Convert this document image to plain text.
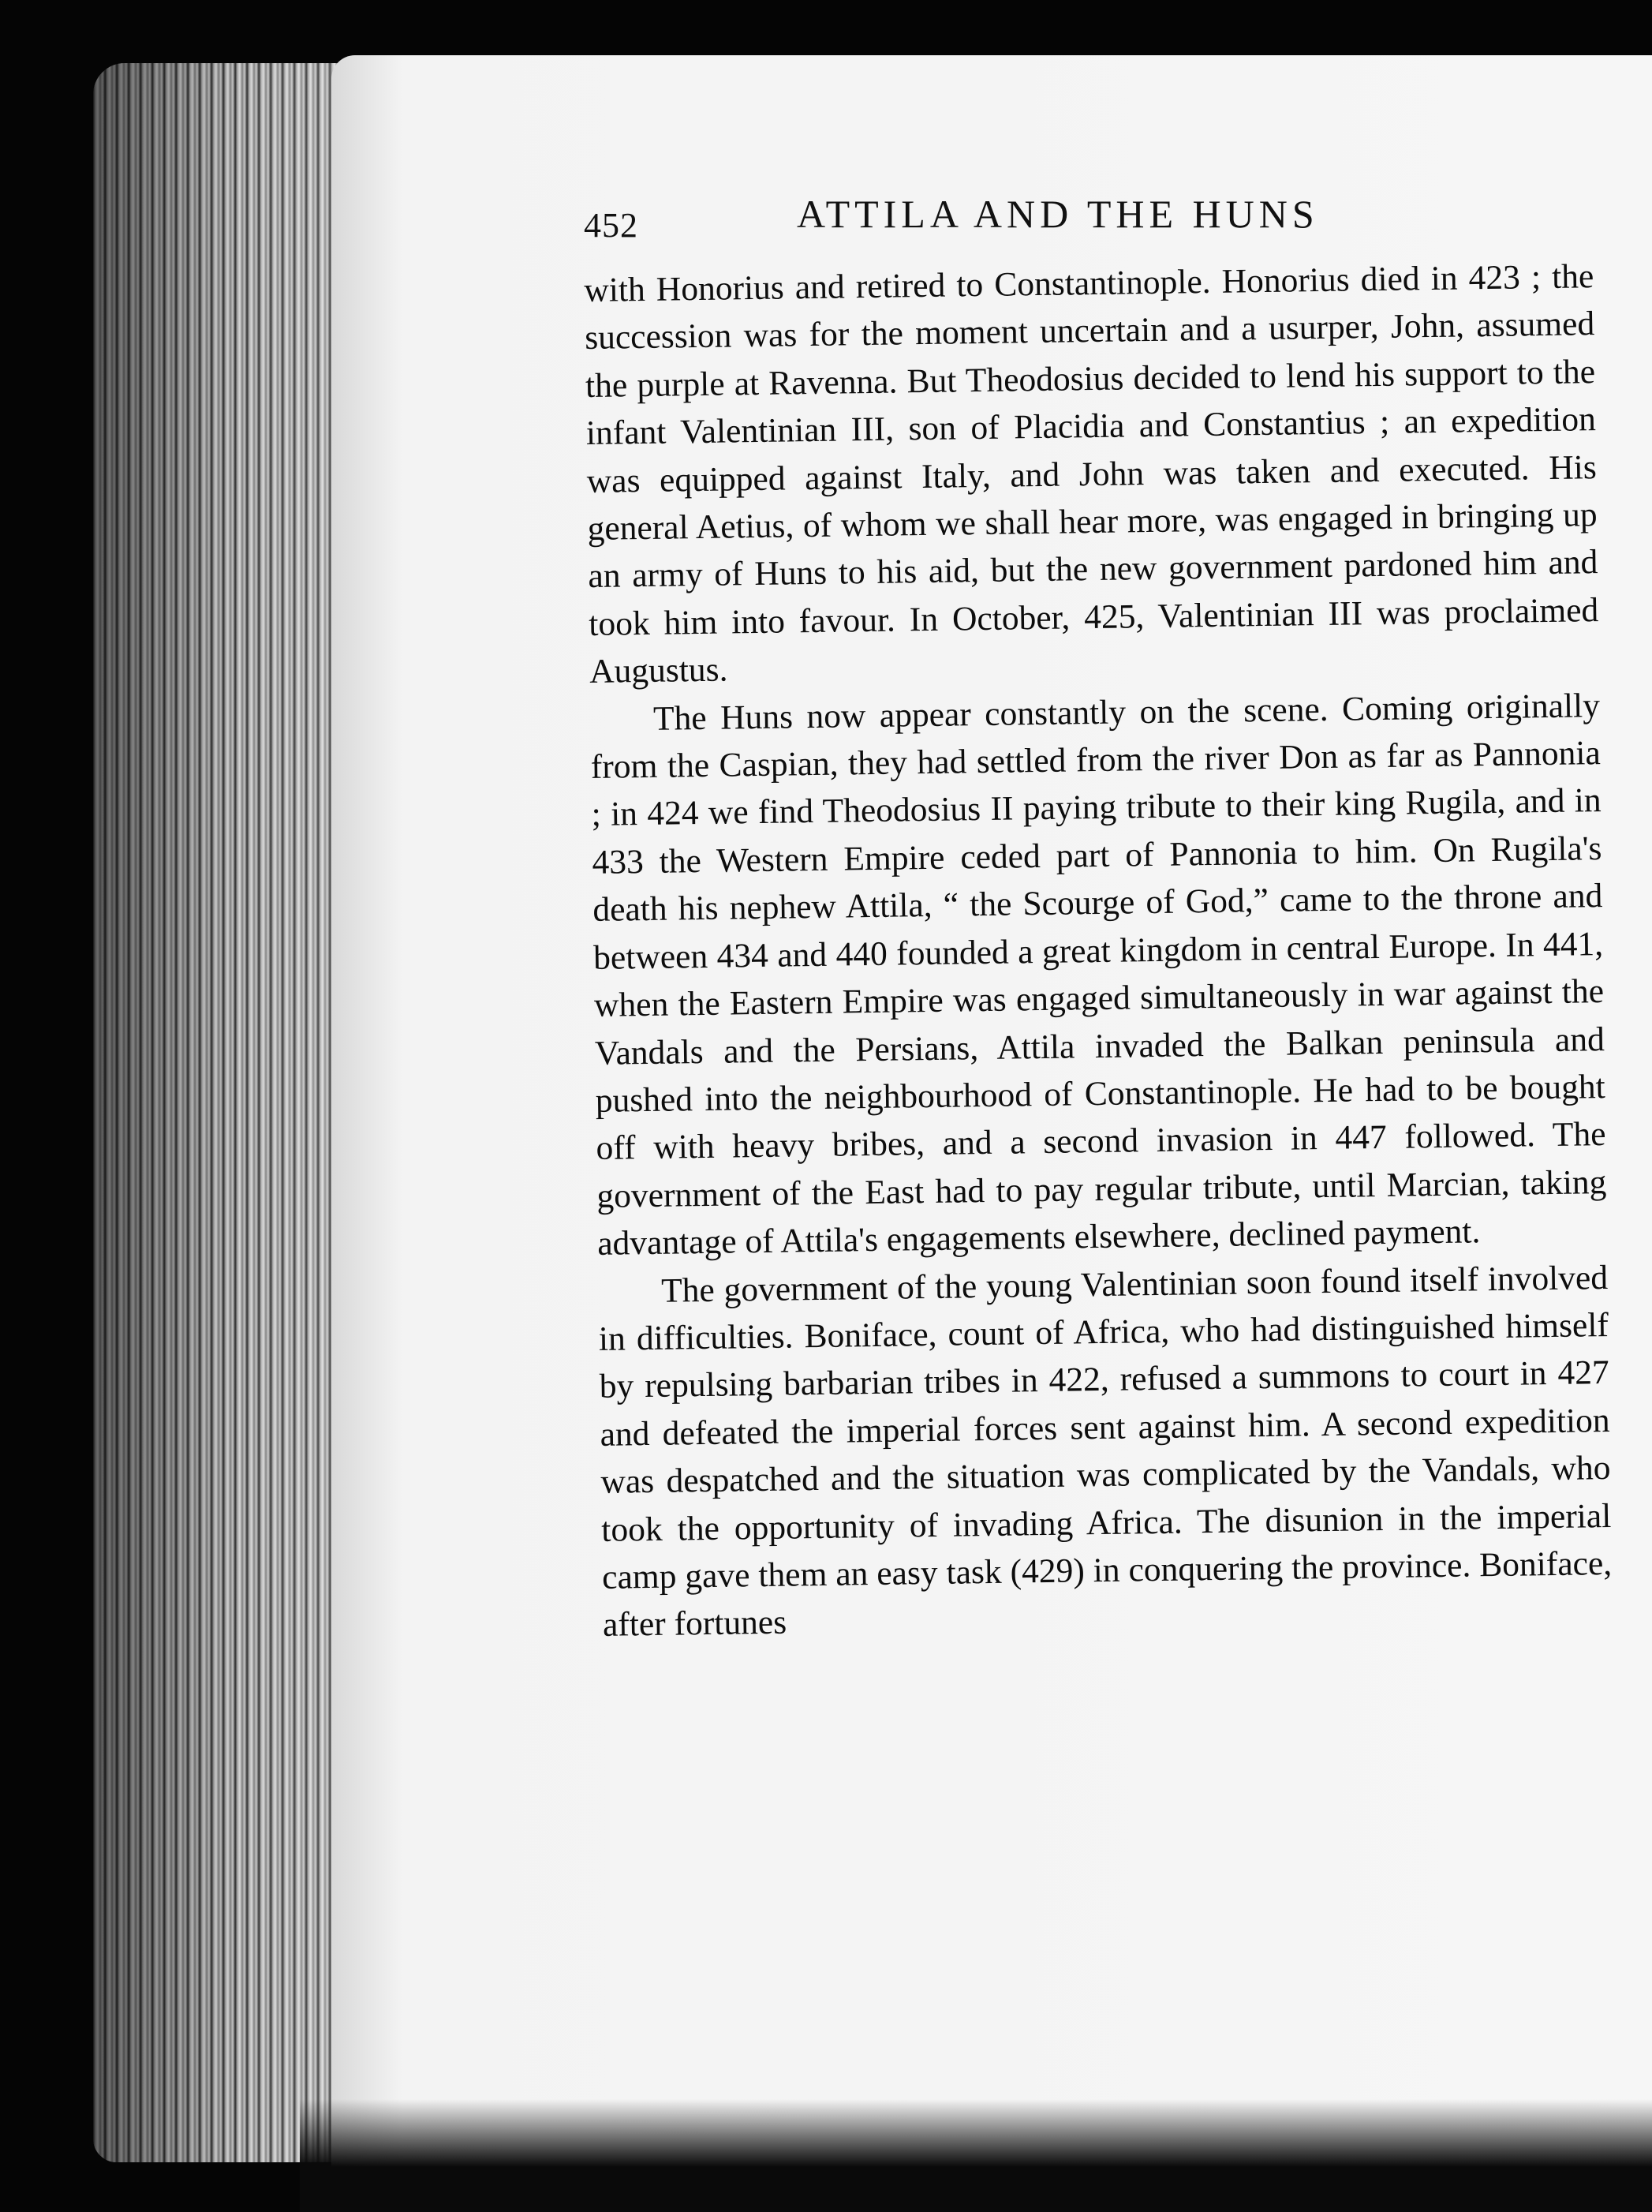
452	ATTILA AND THE HUNS

with Honorius and retired to Constantinople. Honorius died in 423 ; the succession was for the moment uncertain and a usurper, John, assumed the purple at Ravenna. But Theodosius decided to lend his support to the infant Valentinian III, son of Placidia and Constantius ; an expedition was equipped against Italy, and John was taken and executed. His general Aetius, of whom we shall hear more, was engaged in bringing up an army of Huns to his aid, but the new government pardoned him and took him into favour. In October, 425, Valentinian III was proclaimed Augustus.

The Huns now appear constantly on the scene. Coming originally from the Caspian, they had settled from the river Don as far as Pannonia ; in 424 we find Theodosius II paying tribute to their king Rugila, and in 433 the Western Empire ceded part of Pannonia to him. On Rugila's death his nephew Attila, “ the Scourge of God,” came to the throne and between 434 and 440 founded a great kingdom in central Europe. In 441, when the Eastern Empire was engaged simultaneously in war against the Vandals and the Persians, Attila invaded the Balkan peninsula and pushed into the neighbourhood of Constantinople. He had to be bought off with heavy bribes, and a second invasion in 447 followed. The government of the East had to pay regular tribute, until Marcian, taking advantage of Attila's engagements elsewhere, declined payment.

The government of the young Valentinian soon found itself involved in difficulties. Boniface, count of Africa, who had distinguished himself by repulsing barbarian tribes in 422, refused a summons to court in 427 and defeated the imperial forces sent against him. A second expedition was despatched and the situation was complicated by the Vandals, who took the opportunity of invading Africa. The disunion in the imperial camp gave them an easy task (429) in conquering the province. Boniface, after fortunes
